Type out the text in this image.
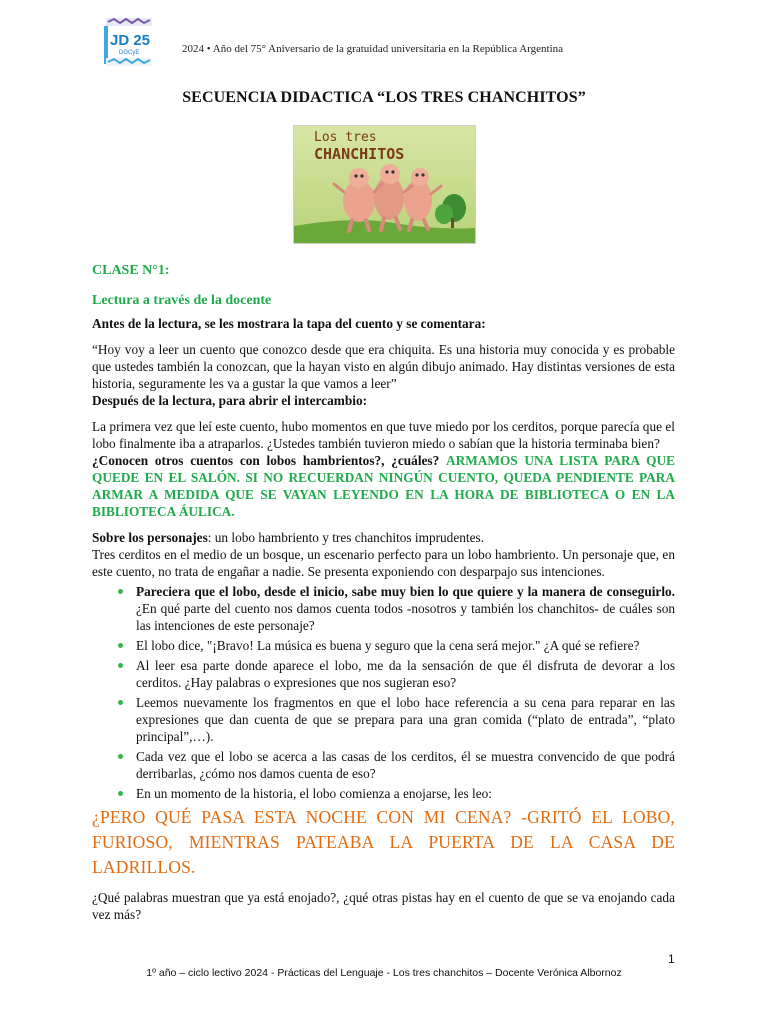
JD 25
DGCyE	2024 • Año del 75° Aniversario de la gratuidad universitaria en la República Argentina
SECUENCIA DIDACTICA “LOS TRES CHANCHITOS”
Los tres
CHANCHITOS
CLASE N°1:
Lectura a través de la docente

Antes de la lectura, se les mostrara la tapa del cuento y se comentara:

“Hoy voy a leer un cuento que conozco desde que era chiquita. Es una historia muy conocida y es probable que ustedes también la conozcan, que la hayan visto en algún dibujo animado. Hay distintas versiones de esta historia, seguramente les va a gustar la que vamos a leer”

Después de la lectura, para abrir el intercambio:

La primera vez que leí este cuento, hubo momentos en que tuve miedo por los cerditos, porque parecía que el lobo finalmente iba a atraparlos. ¿Ustedes también tuvieron miedo o sabían que la historia terminaba bien?

¿Conocen otros cuentos con lobos hambrientos?, ¿cuáles? ARMAMOS UNA LISTA PARA QUE QUEDE EN EL SALÓN. SI NO RECUERDAN NINGÚN CUENTO, QUEDA PENDIENTE PARA ARMAR A MEDIDA QUE SE VAYAN LEYENDO EN LA HORA DE BIBLIOTECA O EN LA BIBLIOTECA ÁULICA.

Sobre los personajes: un lobo hambriento y tres chanchitos imprudentes.

Tres cerditos en el medio de un bosque, un escenario perfecto para un lobo hambriento. Un personaje que, en este cuento, no trata de engañar a nadie. Se presenta exponiendo con desparpajo sus intenciones.

Pareciera que el lobo, desde el inicio, sabe muy bien lo que quiere y la manera de conseguirlo. ¿En qué parte del cuento nos damos cuenta todos -nosotros y también los chanchitos- de cuáles son las intenciones de este personaje?
El lobo dice, "¡Bravo! La música es buena y seguro que la cena será mejor." ¿A qué se refiere?
Al leer esa parte donde aparece el lobo, me da la sensación de que él disfruta de devorar a los cerditos. ¿Hay palabras o expresiones que nos sugieran eso?
Leemos nuevamente los fragmentos en que el lobo hace referencia a su cena para reparar en las expresiones que dan cuenta de que se prepara para una gran comida (“plato de entrada”, “plato principal”,…).
Cada vez que el lobo se acerca a las casas de los cerditos, él se muestra convencido de que podrá derribarlas, ¿cómo nos damos cuenta de eso?
En un momento de la historia, el lobo comienza a enojarse, les leo:

¿PERO QUÉ PASA ESTA NOCHE CON MI CENA? -GRITÓ EL LOBO, FURIOSO, MIENTRAS PATEABA LA PUERTA DE LA CASA DE LADRILLOS.

¿Qué palabras muestran que ya está enojado?, ¿qué otras pistas hay en el cuento de que se va enojando cada vez más?

1
1º año – ciclo lectivo 2024 - Prácticas del Lenguaje - Los tres chanchitos – Docente Verónica Albornoz
